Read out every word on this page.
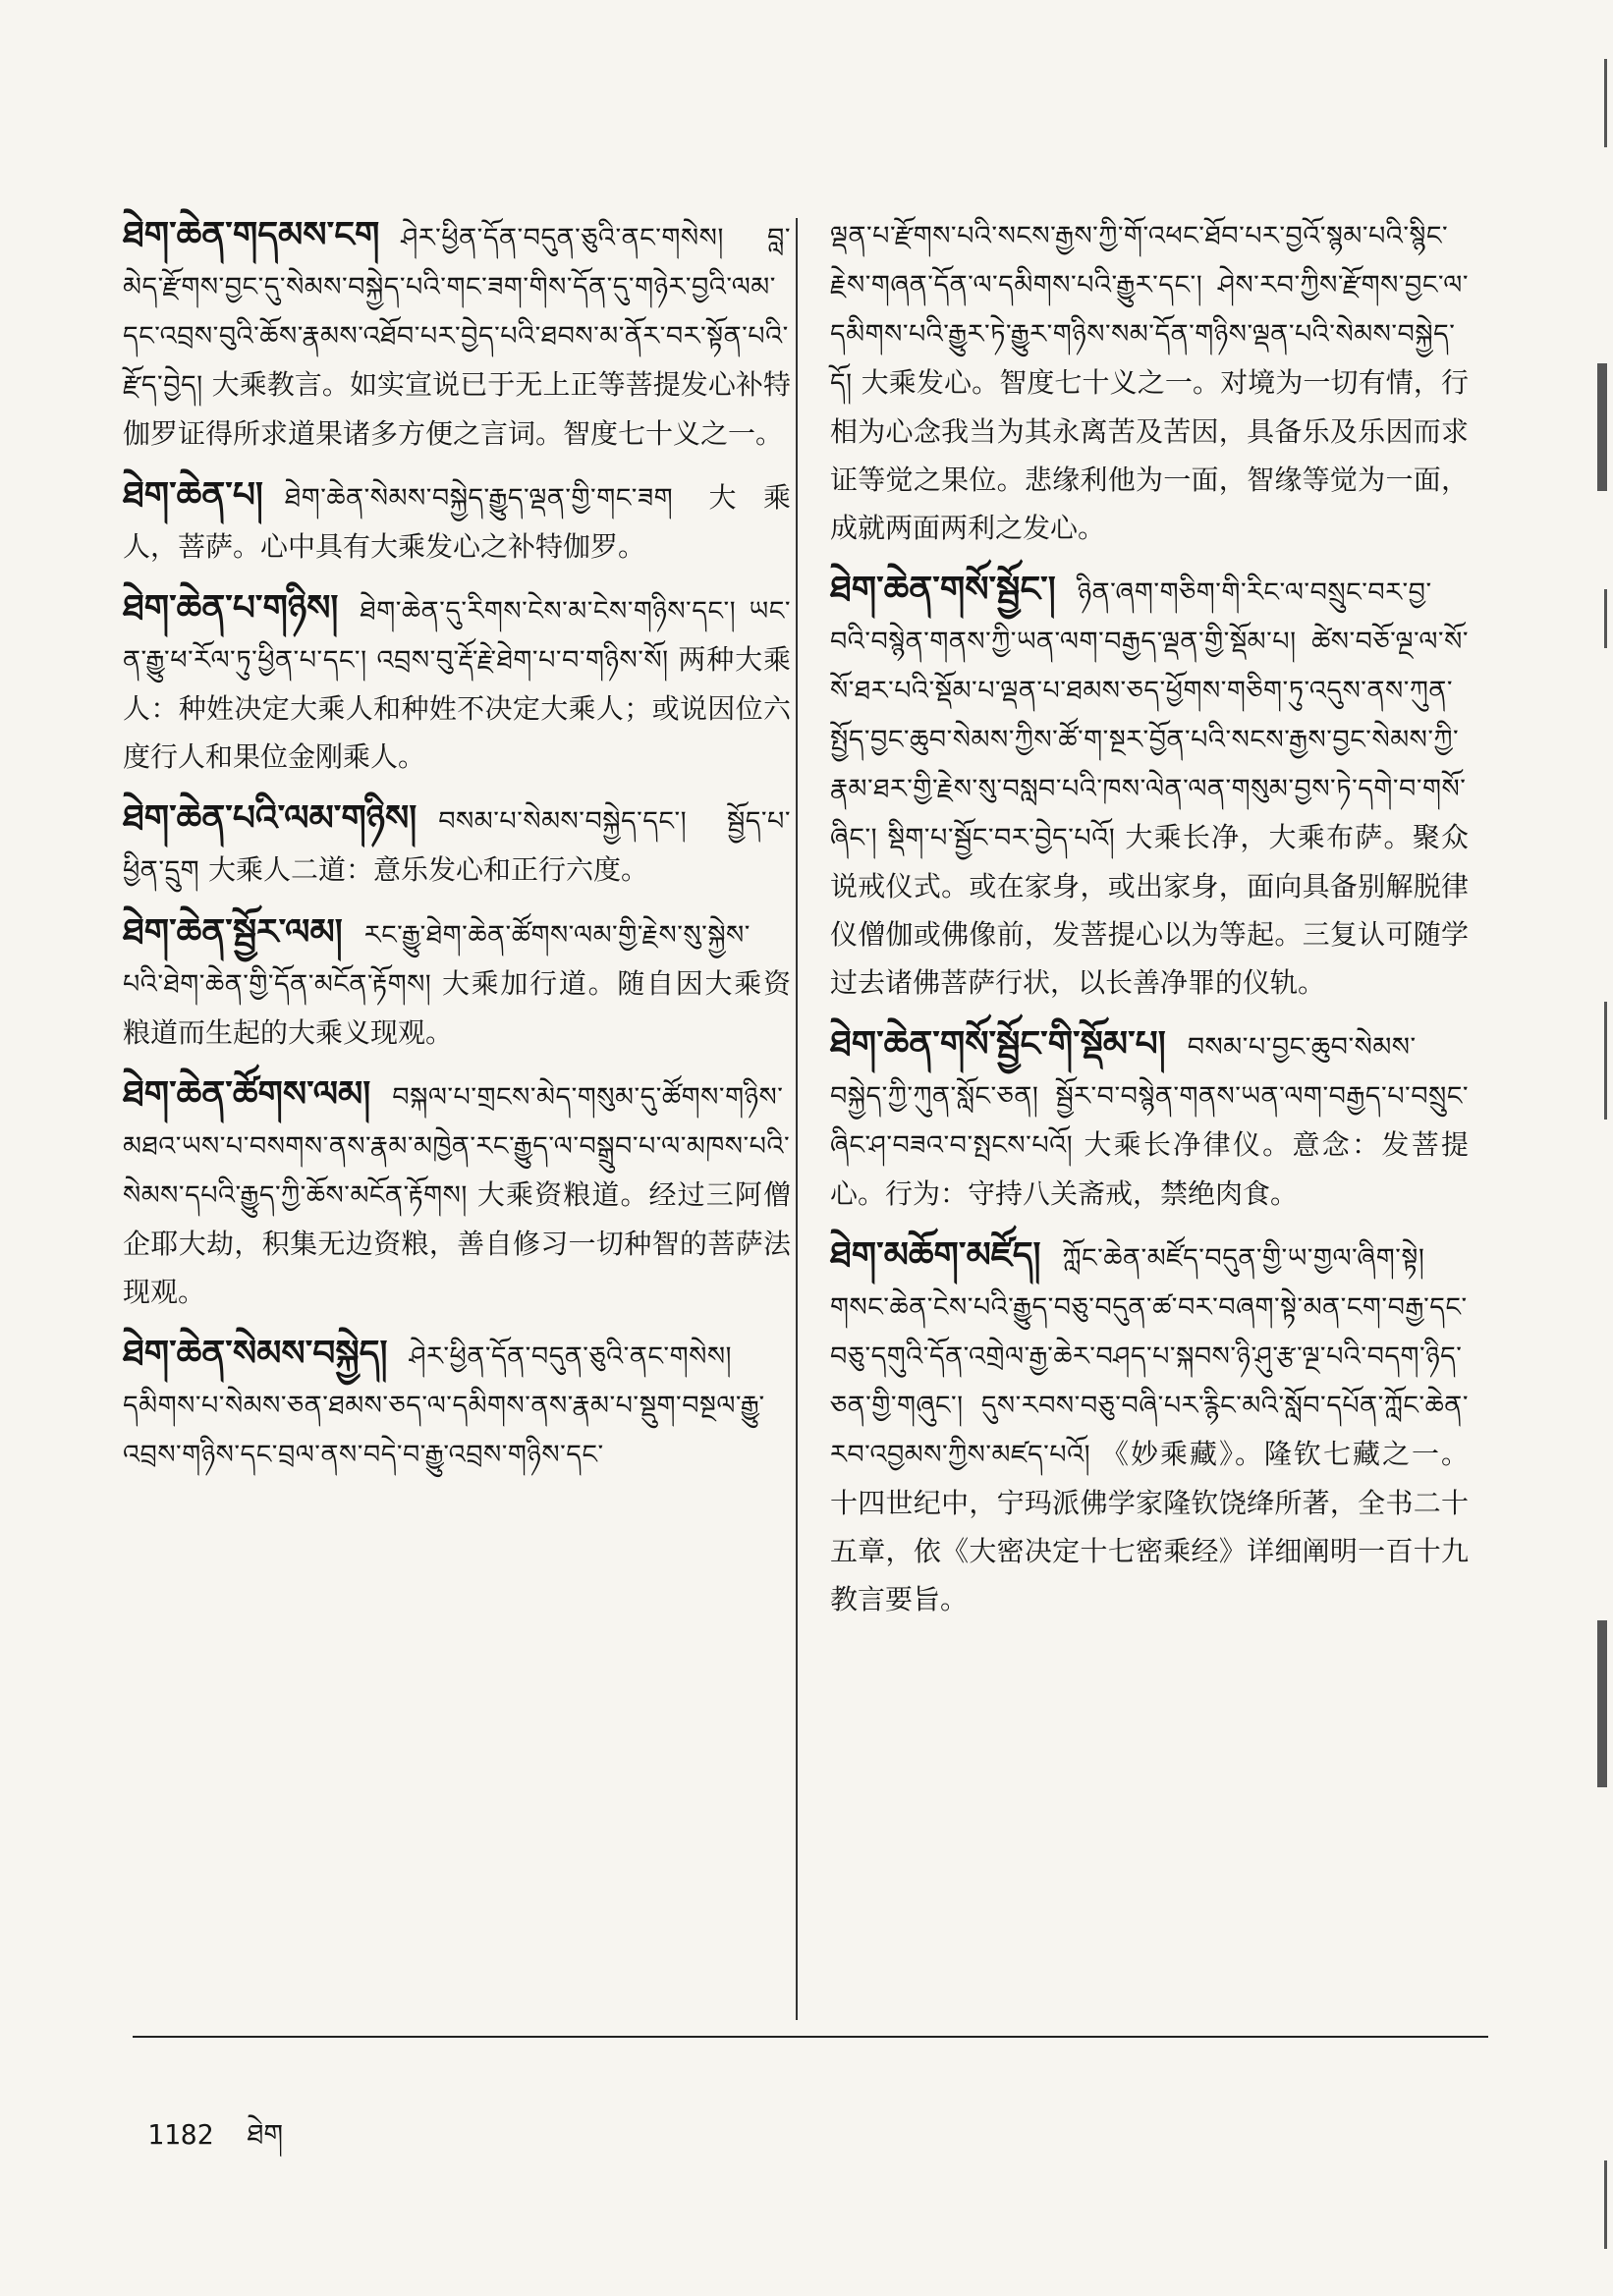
ཐེག་ཆེན་གདམས་ངག ཤེར་ཕྱིན་དོན་བདུན་ཅུའི་ནང་གསེས། བླ་མེད་རྫོགས་བྱང་དུ་སེམས་བསྐྱེད་པའི་གང་ཟག་གིས་དོན་དུ་གཉེར་བྱའི་ལམ་དང་འབྲས་བུའི་ཆོས་རྣམས་འཐོབ་པར་བྱེད་པའི་ཐབས་མ་ནོར་བར་སྟོན་པའི་རྫོད་བྱེད། 大乘教言。如实宣说已于无上正等菩提发心补特伽罗证得所求道果诸多方便之言词。智度七十义之一。

ཐེག་ཆེན་པ། ཐེག་ཆེན་སེམས་བསྐྱེད་རྒྱུད་ལྡན་གྱི་གང་ཟག 大乘人，菩萨。心中具有大乘发心之补特伽罗。

ཐེག་ཆེན་པ་གཉིས། ཐེག་ཆེན་དུ་རིགས་ངེས་མ་ངེས་གཉིས་དང་། ཡང་ན་རྒྱུ་ཕ་རོལ་ཏུ་ཕྱིན་པ་དང་། འབྲས་བུ་རྡོ་རྗེ་ཐེག་པ་བ་གཉིས་སོ། 两种大乘人：种姓决定大乘人和种姓不决定大乘人；或说因位六度行人和果位金刚乘人。

ཐེག་ཆེན་པའི་ལམ་གཉིས། བསམ་པ་སེམས་བསྐྱེད་དང་། སྦྱོད་པ་ཕྱིན་དྲུག 大乘人二道：意乐发心和正行六度。

ཐེག་ཆེན་སྦྱོར་ལམ། རང་རྒྱུ་ཐེག་ཆེན་ཚོགས་ལམ་གྱི་རྗེས་སུ་སྐྱེས་པའི་ཐེག་ཆེན་གྱི་དོན་མངོན་རྟོགས། 大乘加行道。随自因大乘资粮道而生起的大乘义现观。

ཐེག་ཆེན་ཚོགས་ལམ། བསྐལ་པ་གྲངས་མེད་གསུམ་དུ་ཚོགས་གཉིས་མཐའ་ཡས་པ་བསགས་ནས་རྣམ་མཁྱེན་རང་རྒྱུད་ལ་བསྒྲུབ་པ་ལ་མཁས་པའི་སེམས་དཔའི་རྒྱུད་ཀྱི་ཆོས་མངོན་རྟོགས། 大乘资粮道。经过三阿僧企耶大劫，积集无边资粮，善自修习一切种智的菩萨法现观。

ཐེག་ཆེན་སེམས་བསྐྱེད། ཤེར་ཕྱིན་དོན་བདུན་ཅུའི་ནང་གསེས། དམིགས་པ་སེམས་ཅན་ཐམས་ཅད་ལ་དམིགས་ནས་རྣམ་པ་སྡུག་བསྔལ་རྒྱུ་འབྲས་གཉིས་དང་བྲལ་ནས་བདེ་བ་རྒྱུ་འབྲས་གཉིས་དང་

ལྡན་པ་རྫོགས་པའི་སངས་རྒྱས་ཀྱི་གོ་འཕང་ཐོབ་པར་བྱའོ་སྙམ་པའི་སྙིང་རྗེས་གཞན་དོན་ལ་དམིགས་པའི་རྒྱུར་དང་། ཤེས་རབ་ཀྱིས་རྫོགས་བྱང་ལ་དམིགས་པའི་རྒྱུར་ཏེ་རྒྱུར་གཉིས་སམ་དོན་གཉིས་ལྡན་པའི་སེམས་བསྐྱེད་དོ། 大乘发心。智度七十义之一。对境为一切有情，行相为心念我当为其永离苦及苦因，具备乐及乐因而求证等觉之果位。悲缘利他为一面，智缘等觉为一面，成就两面两利之发心。

ཐེག་ཆེན་གསོ་སྦྱོང་། ཉིན་ཞག་གཅིག་གི་རིང་ལ་བསྲུང་བར་བྱ་བའི་བསྙེན་གནས་ཀྱི་ཡན་ལག་བརྒྱད་ལྡན་གྱི་སྡོམ་པ། ཚེས་བཅོ་ལྔ་ལ་སོ་སོ་ཐར་པའི་སྡོམ་པ་ལྡན་པ་ཐམས་ཅད་ཕྱོགས་གཅིག་ཏུ་འདུས་ནས་ཀུན་སྤྱོད་བྱང་ཆུབ་སེམས་ཀྱིས་ཚོ་ག་སྔར་བྱོན་པའི་སངས་རྒྱས་བྱང་སེམས་ཀྱི་རྣམ་ཐར་གྱི་རྗེས་སུ་བསླབ་པའི་ཁས་ལེན་ལན་གསུམ་བྱས་ཏེ་དགེ་བ་གསོ་ཞིང་། སྡིག་པ་སྦྱོང་བར་བྱེད་པའོ། 大乘长净，大乘布萨。聚众说戒仪式。或在家身，或出家身，面向具备别解脱律仪僧伽或佛像前，发菩提心以为等起。三复认可随学过去诸佛菩萨行状，以长善净罪的仪轨。

ཐེག་ཆེན་གསོ་སྦྱོང་གི་སྡོམ་པ། བསམ་པ་བྱང་ཆུབ་སེམས་བསྐྱེད་ཀྱི་ཀུན་སློང་ཅན། སྦྱོར་བ་བསྙེན་གནས་ཡན་ལག་བརྒྱད་པ་བསྲུང་ཞིང་ཤ་བཟའ་བ་སྤངས་པའོ། 大乘长净律仪。意念：发菩提心。行为：守持八关斋戒，禁绝肉食。

ཐེག་མཆོག་མཛོད། ཀློང་ཆེན་མཛོད་བདུན་གྱི་ཡ་གྱལ་ཞིག་སྟེ། གསང་ཆེན་ངེས་པའི་རྒྱུད་བཅུ་བདུན་ཚ་བར་བཞག་སྟེ་མན་ངག་བརྒྱ་དང་བཅུ་དགུའི་དོན་འགྲེལ་རྒྱ་ཆེར་བཤད་པ་སྐབས་ཉི་ཤུ་རྩ་ལྔ་པའི་བདག་ཉིད་ཅན་གྱི་གཞུང་། དུས་རབས་བཅུ་བཞི་པར་རྙིང་མའི་སློབ་དཔོན་ཀློང་ཆེན་རབ་འབྱམས་ཀྱིས་མཛད་པའོ། 《妙乘藏》。隆钦七藏之一。十四世纪中，宁玛派佛学家隆钦饶绛所著，全书二十五章，依《大密决定十七密乘经》详细阐明一百十九教言要旨。

1182 ཐེག
